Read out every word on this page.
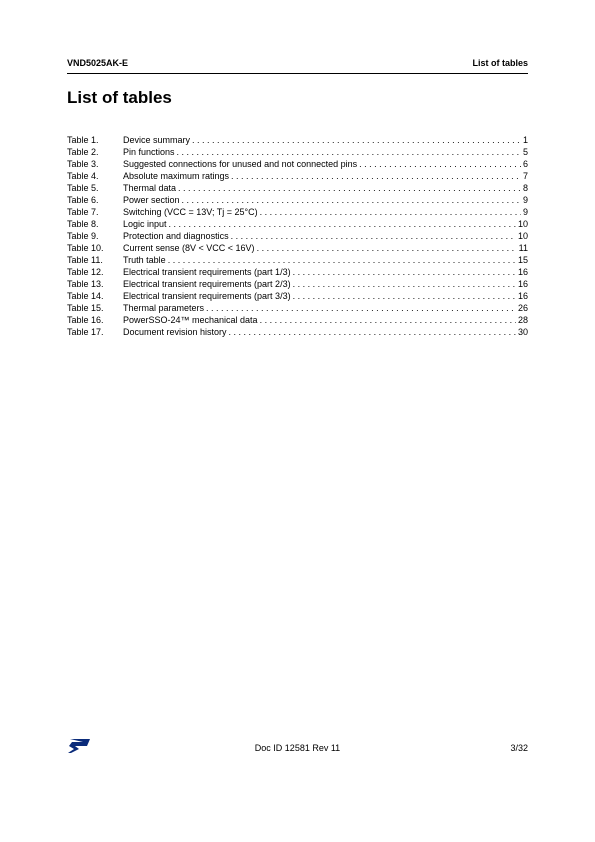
VND5025AK-E	List of tables
List of tables
Table 1.	Device summary . . .	1
Table 2.	Pin functions . . .	5
Table 3.	Suggested connections for unused and not connected pins . . .	6
Table 4.	Absolute maximum ratings . . .	7
Table 5.	Thermal data . . .	8
Table 6.	Power section . . .	9
Table 7.	Switching (VCC = 13V; Tj = 25°C) . . .	9
Table 8.	Logic input . . .	10
Table 9.	Protection and diagnostics . . .	10
Table 10.	Current sense (8V < VCC < 16V) . . .	11
Table 11.	Truth table . . .	15
Table 12.	Electrical transient requirements (part 1/3) . . .	16
Table 13.	Electrical transient requirements (part 2/3) . . .	16
Table 14.	Electrical transient requirements (part 3/3) . . .	16
Table 15.	Thermal parameters . . .	26
Table 16.	PowerSSO-24™ mechanical data . . .	28
Table 17.	Document revision history . . .	30
Doc ID 12581 Rev 11	3/32
